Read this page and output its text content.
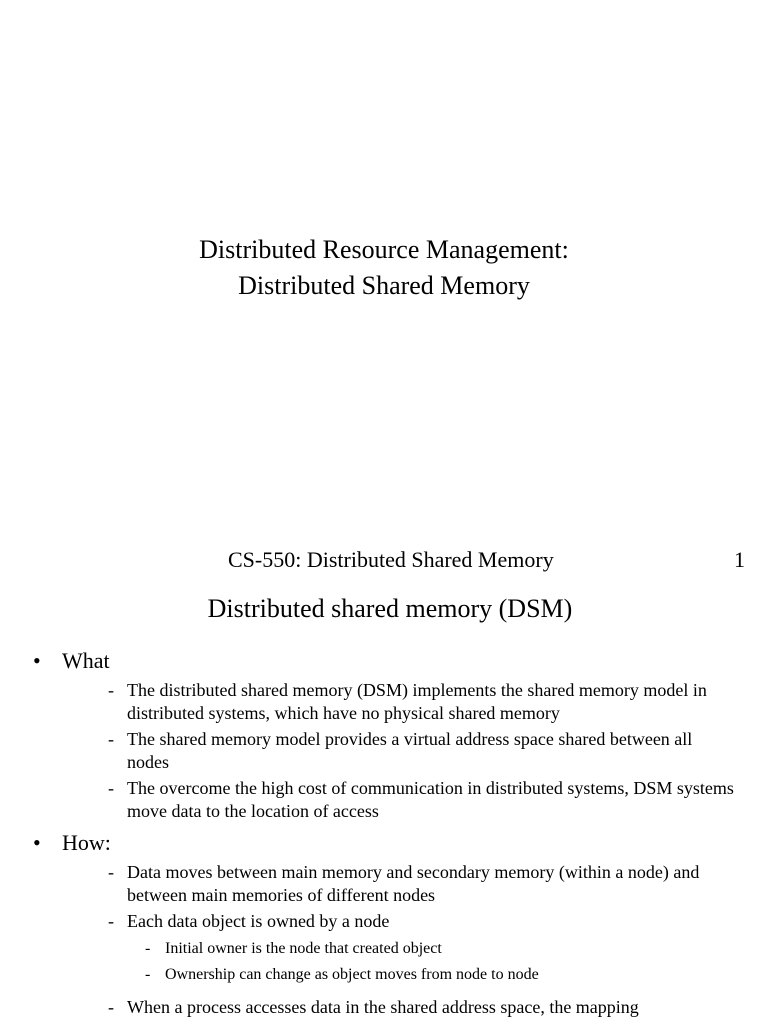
Distributed Resource Management:
Distributed Shared Memory
CS-550: Distributed Shared Memory	1
Distributed shared memory (DSM)
• What
- The distributed shared memory (DSM) implements the shared memory model in distributed systems, which have no physical shared memory
- The shared memory model provides a virtual address space shared between all nodes
- The overcome the high cost of communication in distributed systems, DSM systems move data to the location of access
• How:
- Data moves between main memory and secondary memory (within a node) and between main memories of different nodes
- Each data object is owned by a node
- Initial owner is the node that created object
- Ownership can change as object moves from node to node
- When a process accesses data in the shared address space, the mapping
